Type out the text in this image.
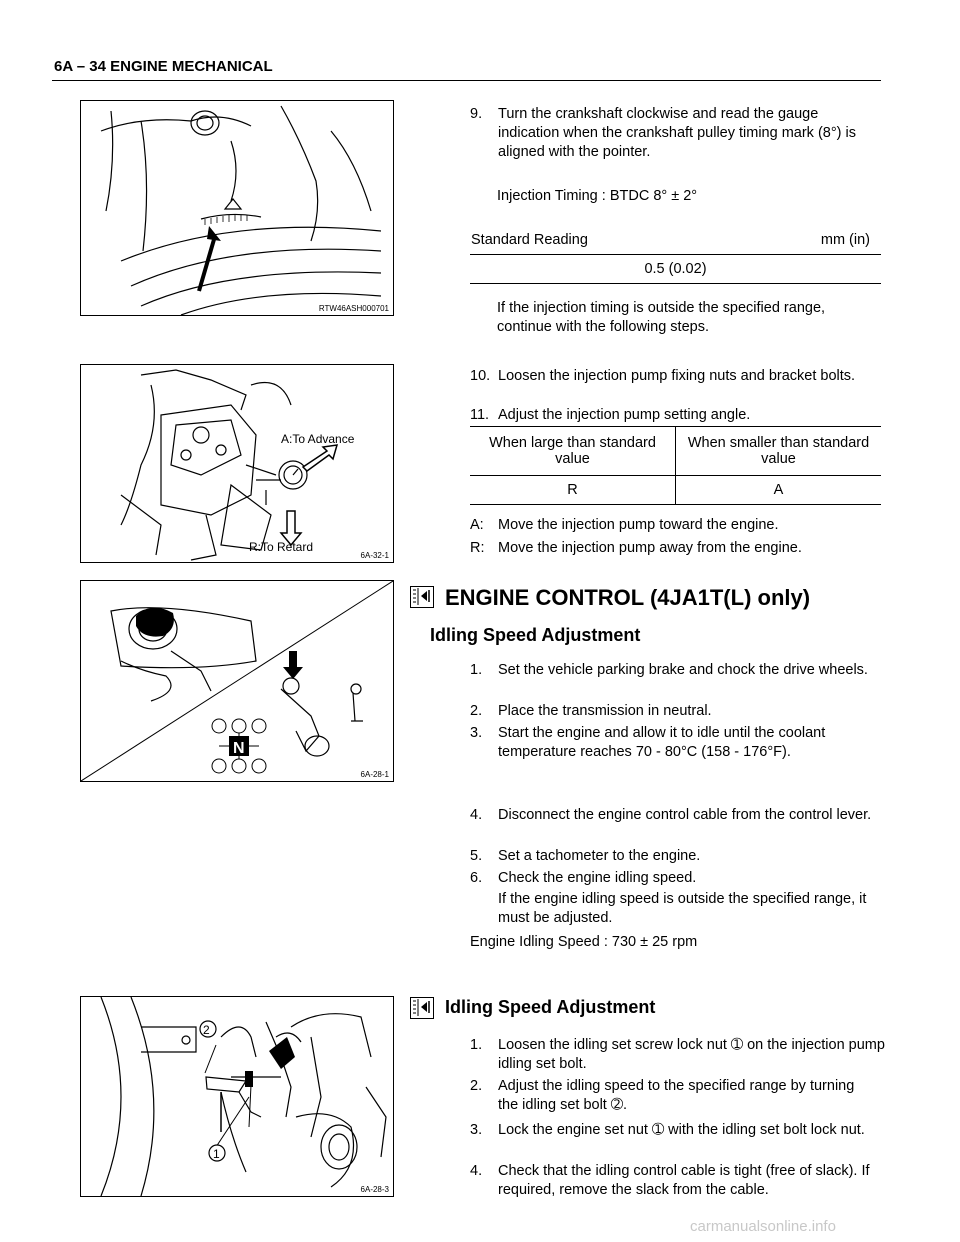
6A – 34 ENGINE MECHANICAL
RTW46ASH000701
9. Turn the crankshaft clockwise and read the gauge indication when the crankshaft pulley timing mark (8°) is aligned with the pointer.
Injection Timing : BTDC 8° ± 2°
Standard Reading	mm (in)
0.5 (0.02)
If the injection timing is outside the specified range, continue with the following steps.
A:To Advance
R:To Retard
6A-32-1
10. Loosen the injection pump fixing nuts and bracket bolts.
11. Adjust the injection pump setting angle.
When large than standard value	When smaller than standard value
R	A
A: Move the injection pump toward the engine.
R: Move the injection pump away from the engine.
N
6A-28-1
ENGINE CONTROL (4JA1T(L) only)
Idling Speed Adjustment
1. Set the vehicle parking brake and chock the drive wheels.
2. Place the transmission in neutral.
3. Start the engine and allow it to idle until the coolant temperature reaches 70 - 80°C (158 - 176°F).
4. Disconnect the engine control cable from the control lever.
5. Set a tachometer to the engine.
6. Check the engine idling speed.
If the engine idling speed is outside the specified range, it must be adjusted.
Engine Idling Speed : 730 ± 25 rpm
2
1
6A-28-3
Idling Speed Adjustment
1. Loosen the idling set screw lock nut ➀ on the injection pump idling set bolt.
2. Adjust the idling speed to the specified range by turning the idling set bolt ➁.
3. Lock the engine set nut ➀ with the idling set bolt lock nut.
4. Check that the idling control cable is tight (free of slack). If required, remove the slack from the cable.
carmanualsonline.info
